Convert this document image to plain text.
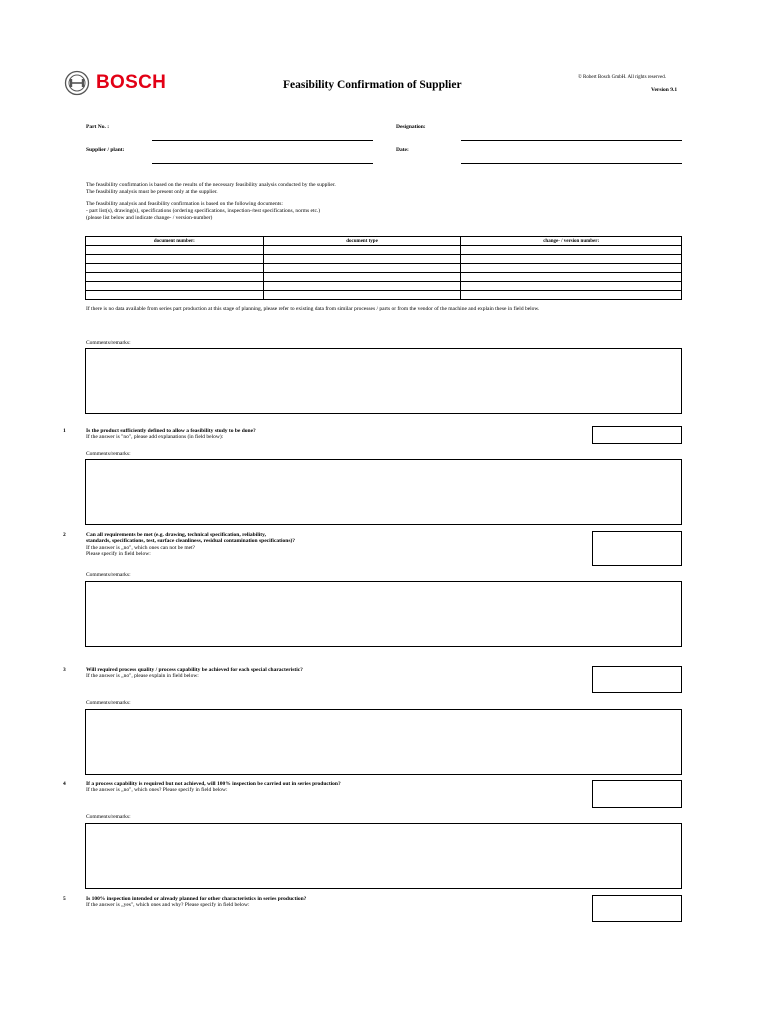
BOSCH	Feasibility Confirmation of Supplier
© Robert Bosch GmbH. All rights reserved.
Version 9.1
Part No. :	Designation:
Supplier / plant:	Date:
The feasibility confirmation is based on the results of the necessary feasibility analysis conducted by the supplier.
The feasibility analysis must be present only at the supplier.
The feasibility analysis and feasibility confirmation is based on the following documents:
- part list(s), drawing(s), specifications (ordering specifications, inspection-/test specifications, norms etc.)
(please list below and indicate change- / version-number)
document number:	document type	change- / version number:

If there is no data available from series part production at this stage of planning, please refer to existing data from similar processes / parts or from the vendor of the machine and explain these in field below.
Comments/remarks:
1	Is the product sufficiently defined to allow a feasibility study to be done?
If the answer is "no", please add explanations (in field below):
Comments/remarks:
2	Can all requirements be met (e.g. drawing, technical specification, reliability,
standards, specifications, test, surface cleanliness, residual contamination specifications)?
If the answer is „no", which ones can not be met?
Please specify in field below:
Comments/remarks:
3	Will required process quality / process capability be achieved for each special characteristic?
If the answer is „no", please explain in field below:
Comments/remarks:
4	If a process capability is required but not achieved, will 100% inspection be carried out in series production?
If the answer is „no", which ones? Please specify in field below:
Comments/remarks:
5	Is 100% inspection intended or already planned for other characteristics in series production?
If the answer is „yes", which ones and why? Please specify in field below:
